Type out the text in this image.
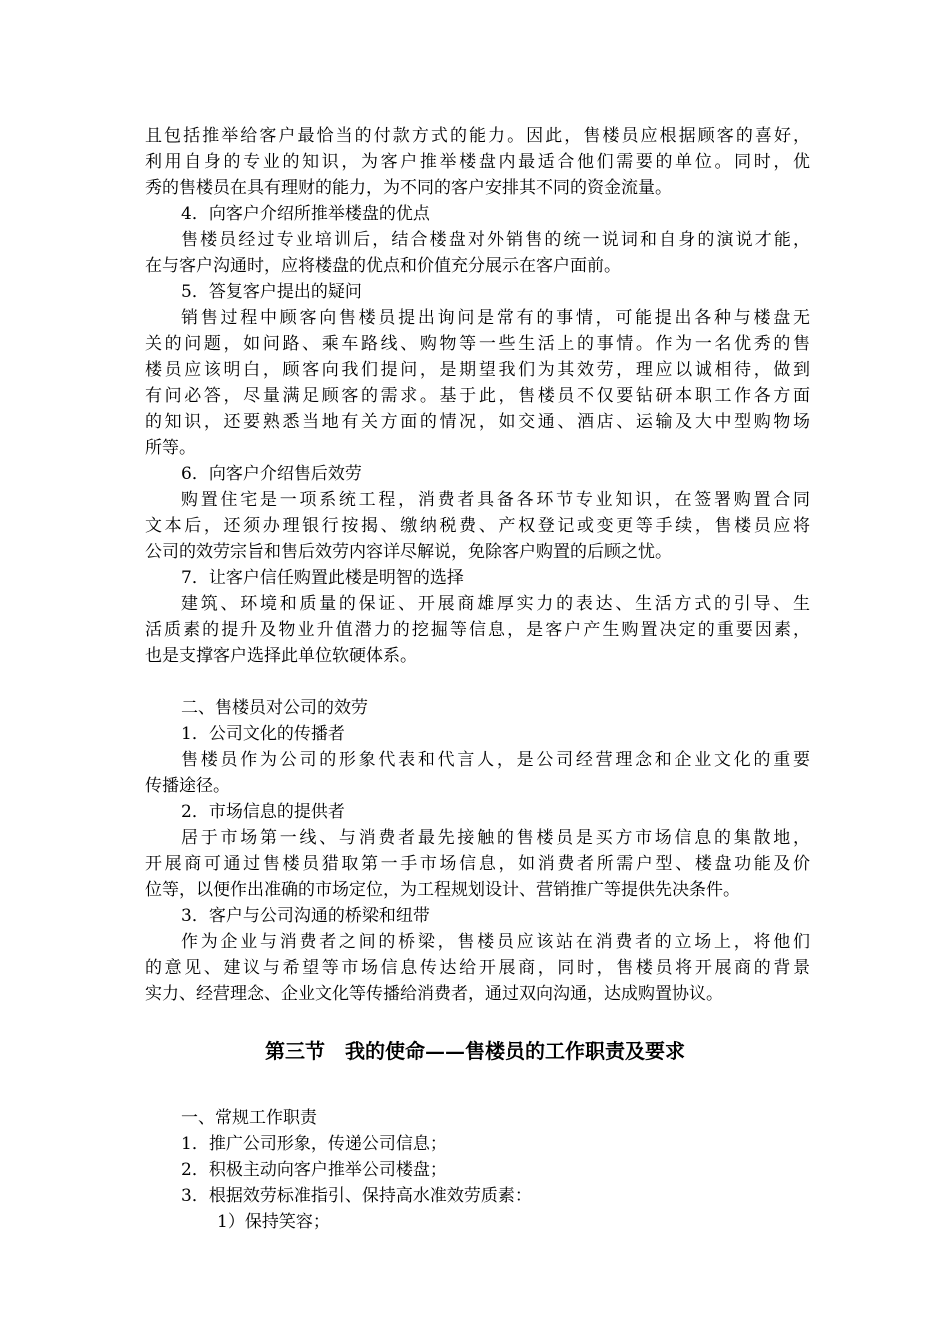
且包括推举给客户最恰当的付款方式的能力。因此，售楼员应根据顾客的喜好，
利用自身的专业的知识，为客户推举楼盘内最适合他们需要的单位。同时，优
秀的售楼员在具有理财的能力，为不同的客户安排其不同的资金流量。
4．向客户介绍所推举楼盘的优点
售楼员经过专业培训后，结合楼盘对外销售的统一说词和自身的演说才能，
在与客户沟通时，应将楼盘的优点和价值充分展示在客户面前。
5．答复客户提出的疑问
销售过程中顾客向售楼员提出询问是常有的事情，可能提出各种与楼盘无
关的问题，如问路、乘车路线、购物等一些生活上的事情。作为一名优秀的售
楼员应该明白，顾客向我们提问，是期望我们为其效劳，理应以诚相待，做到
有问必答，尽量满足顾客的需求。基于此，售楼员不仅要钻研本职工作各方面
的知识，还要熟悉当地有关方面的情况，如交通、酒店、运输及大中型购物场
所等。
6．向客户介绍售后效劳
购置住宅是一项系统工程，消费者具备各环节专业知识，在签署购置合同
文本后，还须办理银行按揭、缴纳税费、产权登记或变更等手续，售楼员应将
公司的效劳宗旨和售后效劳内容详尽解说，免除客户购置的后顾之忧。
7．让客户信任购置此楼是明智的选择
建筑、环境和质量的保证、开展商雄厚实力的表达、生活方式的引导、生
活质素的提升及物业升值潜力的挖掘等信息，是客户产生购置决定的重要因素，
也是支撑客户选择此单位软硬体系。
二、售楼员对公司的效劳
1．公司文化的传播者
售楼员作为公司的形象代表和代言人，是公司经营理念和企业文化的重要
传播途径。
2．市场信息的提供者
居于市场第一线、与消费者最先接触的售楼员是买方市场信息的集散地，
开展商可通过售楼员猎取第一手市场信息，如消费者所需户型、楼盘功能及价
位等，以便作出准确的市场定位，为工程规划设计、营销推广等提供先决条件。
3．客户与公司沟通的桥梁和纽带
作为企业与消费者之间的桥梁，售楼员应该站在消费者的立场上，将他们
的意见、建议与希望等市场信息传达给开展商，同时，售楼员将开展商的背景
实力、经营理念、企业文化等传播给消费者，通过双向沟通，达成购置协议。
第三节　我的使命——售楼员的工作职责及要求
一、常规工作职责
1．推广公司形象，传递公司信息；
2．积极主动向客户推举公司楼盘；
3．根据效劳标准指引、保持高水准效劳质素：
1）保持笑容；
